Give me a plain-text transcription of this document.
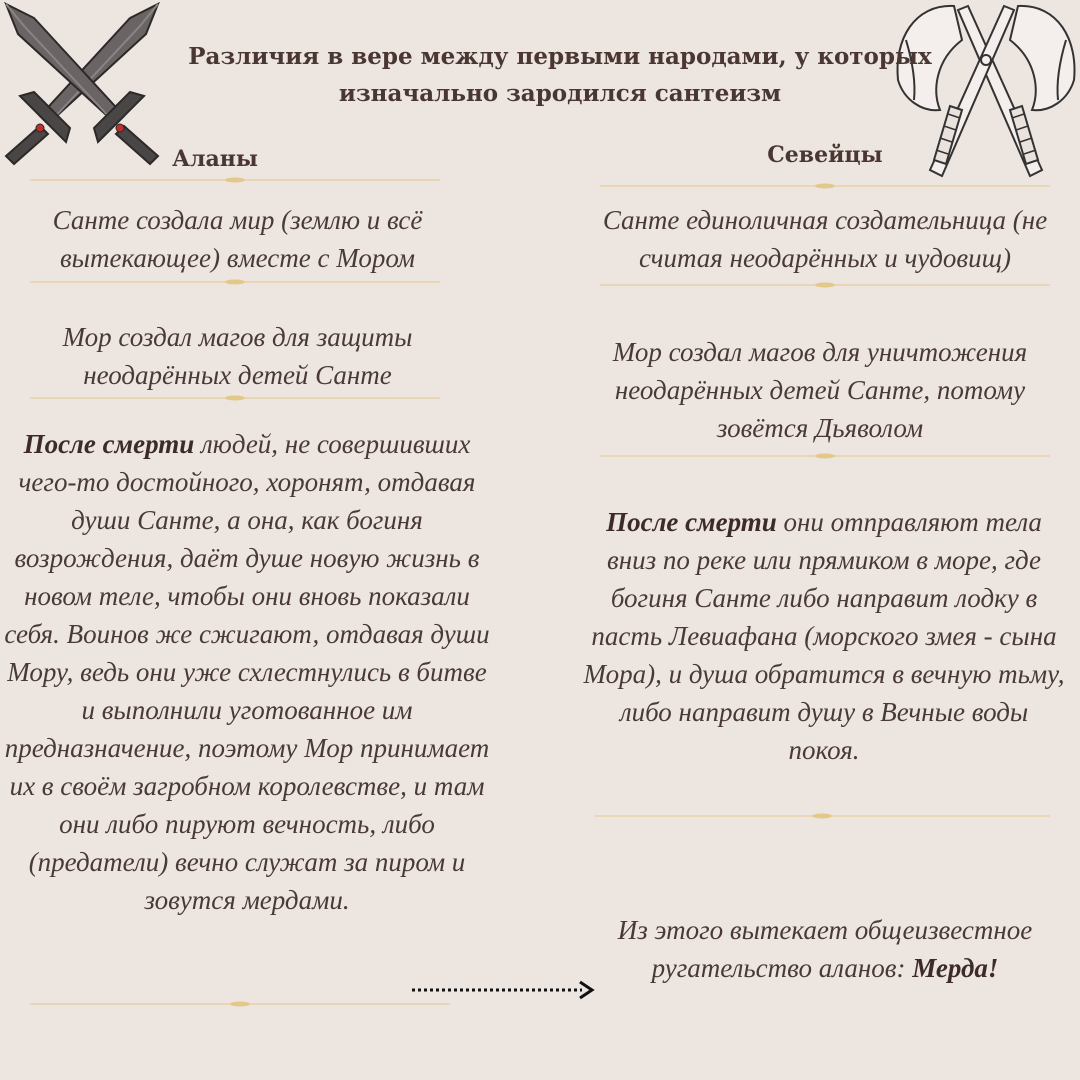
Различия в вере между первыми народами, у которых изначально зародился сантеизм
Аланы
Санте создала мир (землю и всё вытекающее) вместе с Мором
Мор создал магов для защиты неодарённых детей Санте
После смерти людей, не совершивших чего-то достойного, хоронят, отдавая души Санте, а она, как богиня возрождения, даёт душе новую жизнь в новом теле, чтобы они вновь показали себя. Воинов же сжигают, отдавая души Мору, ведь они уже схлестнулись в битве и выполнили уготованное им предназначение, поэтому Мор принимает их в своём загробном королевстве, и там они либо пируют вечность, либо (предатели) вечно служат за пиром и зовутся мердами.
Севейцы
Санте единоличная создательница (не считая неодарённых и чудовищ)
Мор создал магов для уничтожения неодарённых детей Санте, потому зовётся Дьяволом
После смерти они отправляют тела вниз по реке или прямиком в море, где богиня Санте либо направит лодку в пасть Левиафана (морского змея - сына Мора), и душа обратится в вечную тьму, либо направит душу в Вечные воды покоя.
Из этого вытекает общеизвестное ругательство аланов: Мерда!
